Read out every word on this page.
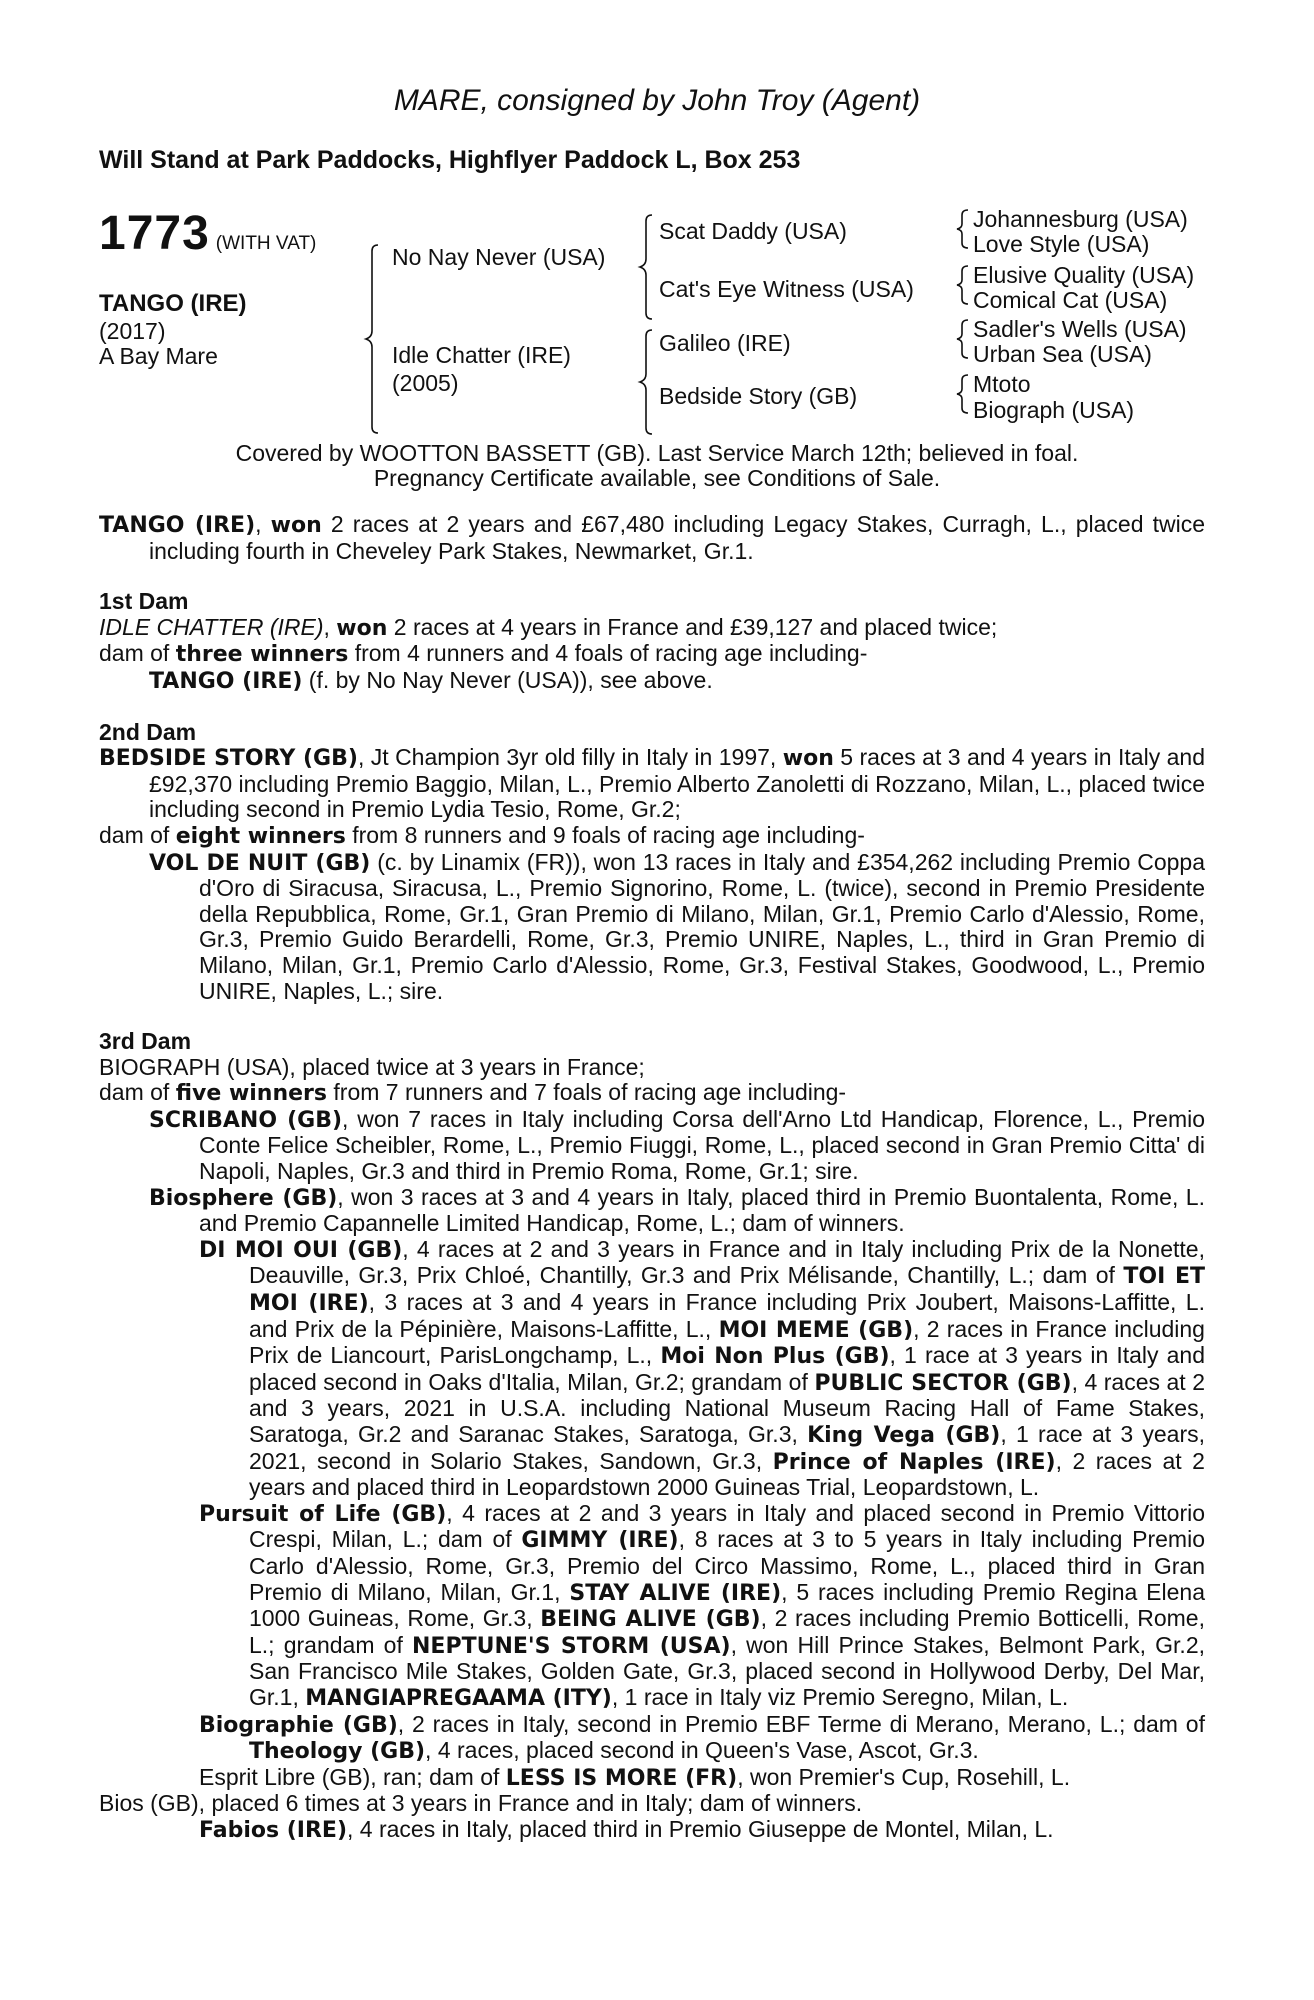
MARE, consigned by John Troy (Agent)
Will Stand at Park Paddocks, Highflyer Paddock L, Box 253
1773 (WITH VAT)
TANGO (IRE)
(2017)
A Bay Mare
No Nay Never (USA)
Idle Chatter (IRE)
(2005)
Scat Daddy (USA)
Cat's Eye Witness (USA)
Galileo (IRE)
Bedside Story (GB)
Johannesburg (USA)
Love Style (USA)
Elusive Quality (USA)
Comical Cat (USA)
Sadler's Wells (USA)
Urban Sea (USA)
Mtoto
Biograph (USA)
Covered by WOOTTON BASSETT (GB). Last Service March 12th; believed in foal.
Pregnancy Certificate available, see Conditions of Sale.

TANGO (IRE), won 2 races at 2 years and £67,480 including Legacy Stakes, Curragh, L., placed twice including fourth in Cheveley Park Stakes, Newmarket, Gr.1.

1st Dam

IDLE CHATTER (IRE), won 2 races at 4 years in France and £39,127 and placed twice;

dam of three winners from 4 runners and 4 foals of racing age including-

TANGO (IRE) (f. by No Nay Never (USA)), see above.

2nd Dam

BEDSIDE STORY (GB), Jt Champion 3yr old filly in Italy in 1997, won 5 races at 3 and 4 years in Italy and £92,370 including Premio Baggio, Milan, L., Premio Alberto Zanoletti di Rozzano, Milan, L., placed twice including second in Premio Lydia Tesio, Rome, Gr.2;

dam of eight winners from 8 runners and 9 foals of racing age including-

VOL DE NUIT (GB) (c. by Linamix (FR)), won 13 races in Italy and £354,262 including Premio Coppa d'Oro di Siracusa, Siracusa, L., Premio Signorino, Rome, L. (twice), second in Premio Presidente della Repubblica, Rome, Gr.1, Gran Premio di Milano, Milan, Gr.1, Premio Carlo d'Alessio, Rome, Gr.3, Premio Guido Berardelli, Rome, Gr.3, Premio UNIRE, Naples, L., third in Gran Premio di Milano, Milan, Gr.1, Premio Carlo d'Alessio, Rome, Gr.3, Festival Stakes, Goodwood, L., Premio UNIRE, Naples, L.; sire.

3rd Dam

BIOGRAPH (USA), placed twice at 3 years in France;

dam of five winners from 7 runners and 7 foals of racing age including-

SCRIBANO (GB), won 7 races in Italy including Corsa dell'Arno Ltd Handicap, Florence, L., Premio Conte Felice Scheibler, Rome, L., Premio Fiuggi, Rome, L., placed second in Gran Premio Citta' di Napoli, Naples, Gr.3 and third in Premio Roma, Rome, Gr.1; sire.

Biosphere (GB), won 3 races at 3 and 4 years in Italy, placed third in Premio Buontalenta, Rome, L. and Premio Capannelle Limited Handicap, Rome, L.; dam of winners.

DI MOI OUI (GB), 4 races at 2 and 3 years in France and in Italy including Prix de la Nonette, Deauville, Gr.3, Prix Chloé, Chantilly, Gr.3 and Prix Mélisande, Chantilly, L.; dam of TOI ET MOI (IRE), 3 races at 3 and 4 years in France including Prix Joubert, Maisons-Laffitte, L. and Prix de la Pépinière, Maisons-Laffitte, L., MOI MEME (GB), 2 races in France including Prix de Liancourt, ParisLongchamp, L., Moi Non Plus (GB), 1 race at 3 years in Italy and placed second in Oaks d'Italia, Milan, Gr.2; grandam of PUBLIC SECTOR (GB), 4 races at 2 and 3 years, 2021 in U.S.A. including National Museum Racing Hall of Fame Stakes, Saratoga, Gr.2 and Saranac Stakes, Saratoga, Gr.3, King Vega (GB), 1 race at 3 years, 2021, second in Solario Stakes, Sandown, Gr.3, Prince of Naples (IRE), 2 races at 2 years and placed third in Leopardstown 2000 Guineas Trial, Leopardstown, L.

Pursuit of Life (GB), 4 races at 2 and 3 years in Italy and placed second in Premio Vittorio Crespi, Milan, L.; dam of GIMMY (IRE), 8 races at 3 to 5 years in Italy including Premio Carlo d'Alessio, Rome, Gr.3, Premio del Circo Massimo, Rome, L., placed third in Gran Premio di Milano, Milan, Gr.1, STAY ALIVE (IRE), 5 races including Premio Regina Elena 1000 Guineas, Rome, Gr.3, BEING ALIVE (GB), 2 races including Premio Botticelli, Rome, L.; grandam of NEPTUNE'S STORM (USA), won Hill Prince Stakes, Belmont Park, Gr.2, San Francisco Mile Stakes, Golden Gate, Gr.3, placed second in Hollywood Derby, Del Mar, Gr.1, MANGIAPREGAAMA (ITY), 1 race in Italy viz Premio Seregno, Milan, L.

Biographie (GB), 2 races in Italy, second in Premio EBF Terme di Merano, Merano, L.; dam of Theology (GB), 4 races, placed second in Queen's Vase, Ascot, Gr.3.

Esprit Libre (GB), ran; dam of LESS IS MORE (FR), won Premier's Cup, Rosehill, L.

Bios (GB), placed 6 times at 3 years in France and in Italy; dam of winners.

Fabios (IRE), 4 races in Italy, placed third in Premio Giuseppe de Montel, Milan, L.
